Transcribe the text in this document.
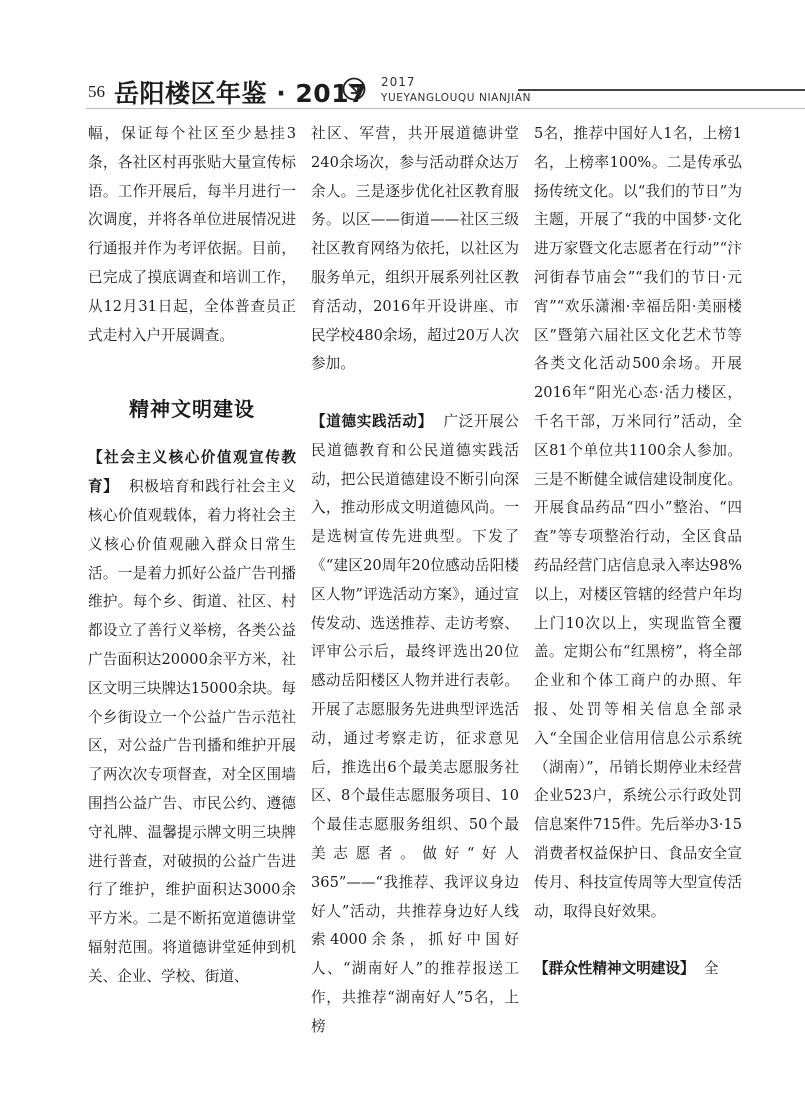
56 岳阳楼区年鉴 · 2017 2017
YUEYANGLOUQU NIANJIAN

幅，保证每个社区至少悬挂3条，各社区村再张贴大量宣传标语。工作开展后，每半月进行一次调度，并将各单位进展情况进行通报并作为考评依据。目前，已完成了摸底调查和培训工作，从12月31日起，全体普查员正式走村入户开展调查。

精神文明建设

【社会主义核心价值观宣传教育】 积极培育和践行社会主义核心价值观载体，着力将社会主义核心价值观融入群众日常生活。一是着力抓好公益广告刊播维护。每个乡、街道、社区、村都设立了善行义举榜，各类公益广告面积达20000余平方米，社区文明三块牌达15000余块。每个乡街设立一个公益广告示范社区，对公益广告刊播和维护开展了两次次专项督查，对全区围墙围挡公益广告、市民公约、遵德守礼牌、温馨提示牌文明三块牌进行普查，对破损的公益广告进行了维护，维护面积达3000余平方米。二是不断拓宽道德讲堂辐射范围。将道德讲堂延伸到机关、企业、学校、街道、

社区、军营，共开展道德讲堂240余场次，参与活动群众达万余人。三是逐步优化社区教育服务。以区——街道——社区三级社区教育网络为依托，以社区为服务单元，组织开展系列社区教育活动，2016年开设讲座、市民学校480余场，超过20万人次参加。

【道德实践活动】 广泛开展公民道德教育和公民道德实践活动，把公民道德建设不断引向深入，推动形成文明道德风尚。一是选树宣传先进典型。下发了《“建区20周年20位感动岳阳楼区人物”评选活动方案》，通过宣传发动、选送推荐、走访考察、评审公示后，最终评选出20位感动岳阳楼区人物并进行表彰。开展了志愿服务先进典型评选活动，通过考察走访，征求意见后，推选出6个最美志愿服务社区、8个最佳志愿服务项目、10个最佳志愿服务组织、50个最美志愿者。做好“好人365”——“我推荐、我评议身边好人”活动，共推荐身边好人线索4000余条，抓好中国好人、“湖南好人”的推荐报送工作，共推荐“湖南好人”5名，上榜

5名，推荐中国好人1名，上榜1名，上榜率100%。二是传承弘扬传统文化。以“我们的节日”为主题，开展了“我的中国梦·文化进万家暨文化志愿者在行动”“汴河街春节庙会”“我们的节日·元宵”“欢乐潇湘·幸福岳阳·美丽楼区”暨第六届社区文化艺术节等各类文化活动500余场。开展2016年“阳光心态·活力楼区，千名干部，万米同行”活动，全区81个单位共1100余人参加。三是不断健全诚信建设制度化。开展食品药品“四小”整治、“四查”等专项整治行动，全区食品药品经营门店信息录入率达98%以上，对楼区管辖的经营户年均上门10次以上，实现监管全覆盖。定期公布“红黑榜”，将全部企业和个体工商户的办照、年报、处罚等相关信息全部录入“全国企业信用信息公示系统（湖南）”，吊销长期停业未经营企业523户，系统公示行政处罚信息案件715件。先后举办3·15消费者权益保护日、食品安全宣传月、科技宣传周等大型宣传活动，取得良好效果。

【群众性精神文明建设】 全
